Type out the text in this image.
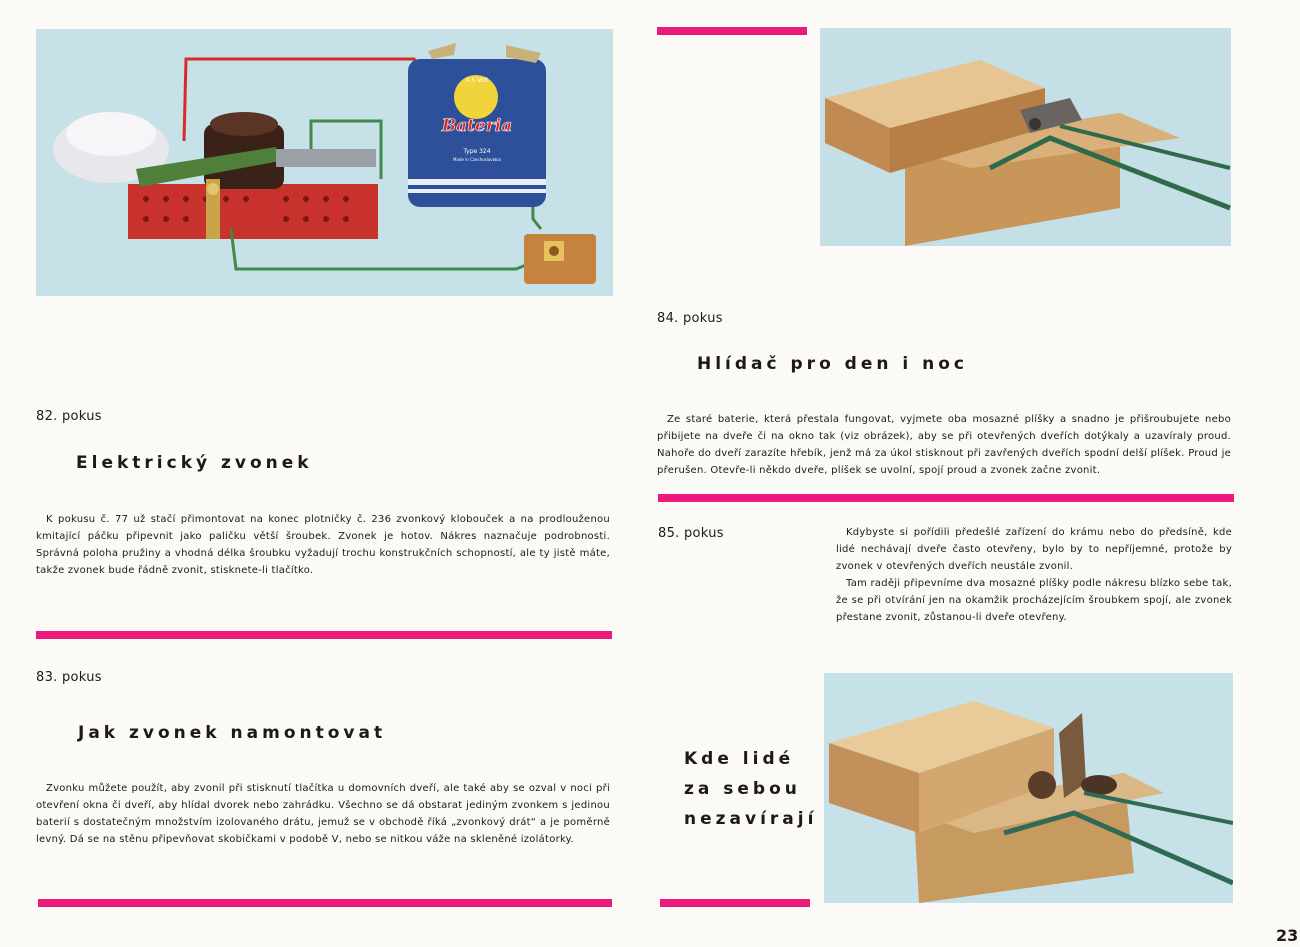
4,5 Volt
Bateria
Type 324
Made in Czechoslovakia
82. pokus
Elektrický zvonek

K pokusu č. 77 už stačí přimontovat na konec plotničky č. 236 zvonkový klobouček a na prodlouženou kmitající páčku připevnit jako paličku větší šroubek. Zvonek je hotov. Nákres naznačuje podrobnosti. Správná poloha pružiny a vhodná délka šroubku vyžadují trochu konstrukčních schopností, ale ty jistě máte, takže zvonek bude řádně zvonit, stisknete-li tlačítko.

83. pokus
Jak zvonek namontovat

Zvonku můžete použít, aby zvonil při stisknutí tlačítka u domovních dveří, ale také aby se ozval v noci při otevření okna či dveří, aby hlídal dvorek nebo zahrádku. Všechno se dá obstarat jediným zvonkem s jedinou baterií s dostatečným množstvím izolovaného drátu, jemuž se v obchodě říká „zvonkový drát“ a je poměrně levný. Dá se na stěnu připevňovat skobičkami v podobě V, nebo se nitkou váže na skleněné izolátorky.

84. pokus
Hlídač pro den i noc

Ze staré baterie, která přestala fungovat, vyjmete oba mosazné plíšky a snadno je přišroubujete nebo přibijete na dveře či na okno tak (viz obrázek), aby se při otevřených dveřích dotýkaly a uzavíraly proud. Nahoře do dveří zarazíte hřebík, jenž má za úkol stisknout při zavřených dveřích spodní delší plíšek. Proud je přerušen. Otevře-li někdo dveře, plíšek se uvolní, spojí proud a zvonek začne zvonit.

85. pokus	Kdybyste si pořídili předešlé zařízení do krámu nebo do předsíně, kde lidé nechávají dveře často otevřeny, bylo by to nepříjemné, protože by zvonek v otevřených dveřích neustále zvonil.

Tam raději připevníme dva mosazné plíšky podle nákresu blízko sebe tak, že se při otvírání jen na okamžik procházejícím šroubkem spojí, ale zvonek přestane zvonit, zůstanou-li dveře otevřeny.

Kde lidé
za sebou
nezavírají
23
